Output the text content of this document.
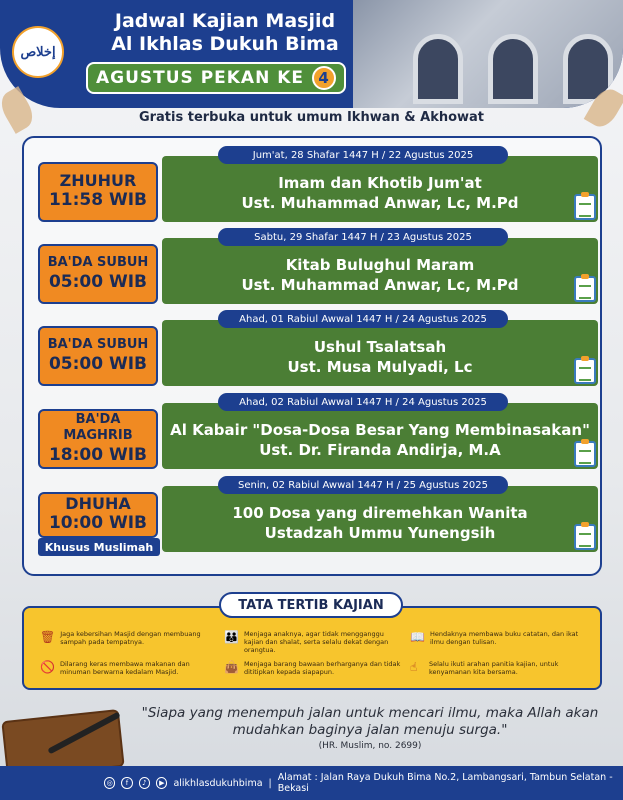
إخلاص
Jadwal Kajian Masjid
Al Ikhlas Dukuh Bima
AGUSTUS PEKAN KE 4
Gratis terbuka untuk umum Ikhwan & Akhowat
Jum'at, 28 Shafar 1447 H / 22 Agustus 2025
ZHUHUR
11:58 WIB
Imam dan Khotib Jum'at
Ust. Muhammad Anwar, Lc, M.Pd
Sabtu, 29 Shafar 1447 H / 23 Agustus 2025
BA'DA SUBUH
05:00 WIB
Kitab Bulughul Maram
Ust. Muhammad Anwar, Lc, M.Pd
Ahad, 01 Rabiul Awwal 1447 H / 24 Agustus 2025
BA'DA SUBUH
05:00 WIB
Ushul Tsalatsah
Ust. Musa Mulyadi, Lc
Ahad, 02 Rabiul Awwal 1447 H / 24 Agustus 2025
BA'DA MAGHRIB
18:00 WIB
Al Kabair "Dosa-Dosa Besar Yang Membinasakan"
Ust. Dr. Firanda Andirja, M.A
Senin, 02 Rabiul Awwal 1447 H / 25 Agustus 2025
DHUHA
10:00 WIB
Khusus Muslimah
100 Dosa yang diremehkan Wanita
Ustadzah Ummu Yunengsih
TATA TERTIB KAJIAN
🗑 Jaga kebersihan Masjid dengan membuang sampah pada tempatnya.	👪 Menjaga anaknya, agar tidak mengganggu kajian dan shalat, serta selalu dekat dengan orangtua.
📖 Hendaknya membawa buku catatan, dan ikat ilmu dengan tulisan.
🚫 Dilarang keras membawa makanan dan minuman berwarna kedalam Masjid.	👜 Menjaga barang bawaan berharganya dan tidak dititipkan kepada siapapun.	☝	Selalu ikuti arahan panitia kajian, untuk kenyamanan kita bersama.
"Siapa yang menempuh jalan untuk mencari ilmu, maka Allah akan mudahkan baginya jalan menuju surga."
(HR. Muslim, no. 2699)
◎	f	♪	▶ alikhlasdukuhbima | Alamat : Jalan Raya Dukuh Bima No.2, Lambangsari, Tambun Selatan - Bekasi
